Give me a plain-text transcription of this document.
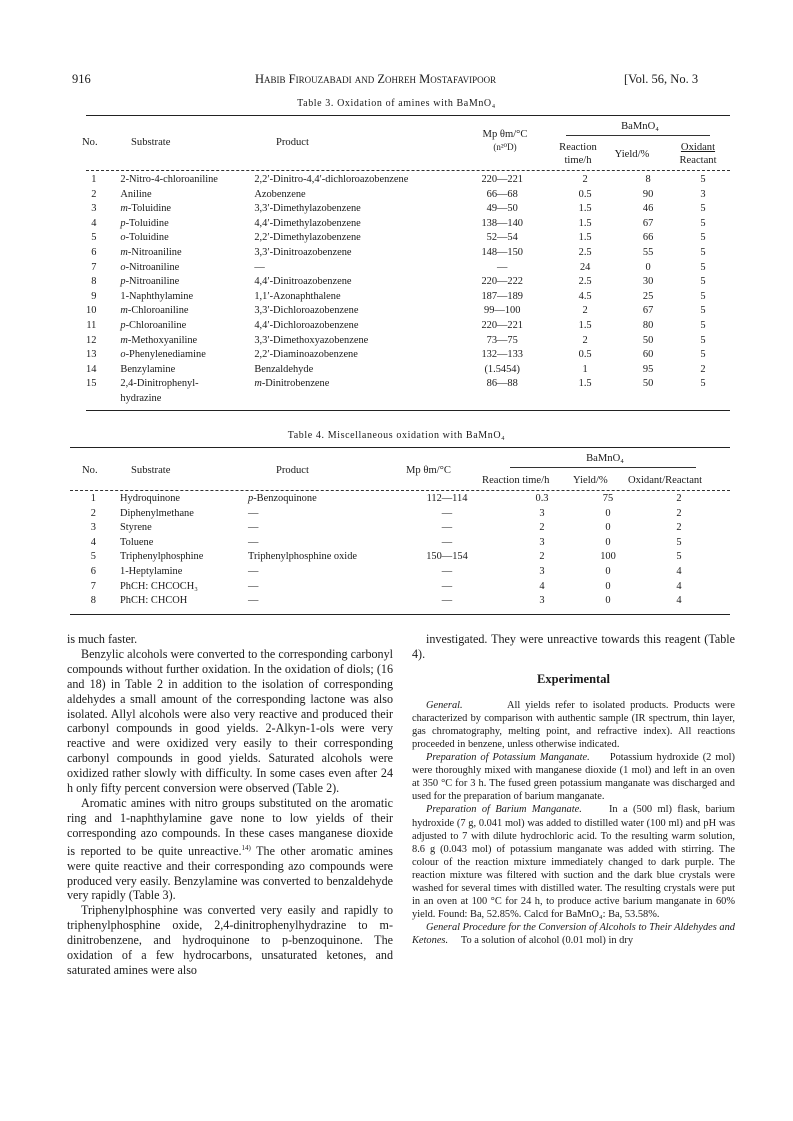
916	Habib Firouzabadi and Zohreh Mostafavipoor	[Vol. 56, No. 3
Table 3. Oxidation of amines with BaMnO₄
No.	Substrate	Product
Mp θm/°C
(n²⁰D)
BaMnO₄
Reaction
time/h
Yield/%
Oxidant
Reactant
1	2-Nitro-4-chloroaniline	2,2′-Dinitro-4,4′-dichloroazobenzene	220—221	2	8	5
2	Aniline	Azobenzene	66—68	0.5	90	3
3	m-Toluidine	3,3′-Dimethylazobenzene	49—50	1.5	46	5
4	p-Toluidine	4,4′-Dimethylazobenzene	138—140	1.5	67	5
5	o-Toluidine	2,2′-Dimethylazobenzene	52—54	1.5	66	5
6	m-Nitroaniline	3,3′-Dinitroazobenzene	148—150	2.5	55	5
7	o-Nitroaniline	—	—	24	0	5
8	p-Nitroaniline	4,4′-Dinitroazobenzene	220—222	2.5	30	5
9	1-Naphthylamine	1,1′-Azonaphthalene	187—189	4.5	25	5
10	m-Chloroaniline	3,3′-Dichloroazobenzene	99—100	2	67	5
11	p-Chloroaniline	4,4′-Dichloroazobenzene	220—221	1.5	80	5
12	m-Methoxyaniline	3,3′-Dimethoxyazobenzene	73—75	2	50	5
13	o-Phenylenediamine	2,2′-Diaminoazobenzene	132—133	0.5	60	5
14	Benzylamine	Benzaldehyde	(1.5454)	1	95	2
15	2,4-Dinitrophenyl-	m-Dinitrobenzene	86—88	1.5	50	5
	hydrazine					
Table 4. Miscellaneous oxidation with BaMnO₄
No.	Substrate	Product	Mp θm/°C
BaMnO₄
Reaction time/h Yield/% Oxidant/Reactant
1	Hydroquinone	p-Benzoquinone	112—114	0.3	75	2
2	Diphenylmethane	—	—	3	0	2
3	Styrene	—	—	2	0	2
4	Toluene	—	—	3	0	5
5	Triphenylphosphine	Triphenylphosphine oxide	150—154	2	100	5
6	1-Heptylamine	—	—	3	0	4
7	PhCH: CHCOCH₃	—	—	4	0	4
8	PhCH: CHCOH	—	—	3	0	4

is much faster.

Benzylic alcohols were converted to the corresponding carbonyl compounds without further oxidation. In the oxidation of diols; (16 and 18) in Table 2 in addition to the isolation of corresponding aldehydes a small amount of the corresponding lactone was also isolated. Allyl alcohols were also very reactive and produced their carbonyl compounds in good yields. 2-Alkyn-1-ols were very reactive and were oxidized very easily to their corresponding carbonyl compounds in good yields. Saturated alcohols were oxidized rather slowly with difficulty. In some cases even after 24 h only fifty percent conversion were observed (Table 2).

Aromatic amines with nitro groups substituted on the aromatic ring and 1-naphthylamine gave none to low yields of their corresponding azo compounds. In these cases manganese dioxide is reported to be quite unreactive.$^{14)}$ The other aromatic amines were quite reactive and their corresponding azo compounds were produced very easily. Benzylamine was converted to benzaldehyde very rapidly (Table 3).

Triphenylphosphine was converted very easily and rapidly to triphenylphosphine oxide, 2,4-dinitrophenylhydrazine to m-dinitrobenzene, and hydroquinone to p-benzoquinone. The oxidation of a few hydrocarbons, unsaturated ketones, and saturated amines were also

investigated. They were unreactive towards this reagent (Table 4).

Experimental

General.	All yields refer to isolated products. Products were characterized by comparison with authentic sample (IR spectrum, thin layer, gas chromatography, melting point, and refractive index). All reactions proceeded in benzene, unless otherwise indicated.

Preparation of Potassium Manganate. Potassium hydroxide (2 mol) were thoroughly mixed with manganese dioxide (1 mol) and left in an oven at 350 °C for 3 h. The fused green potassium manganate was discharged and used for the preparation of barium manganate.

Preparation of Barium Manganate.	In a (500 ml) flask, barium hydroxide (7 g, 0.041 mol) was added to distilled water (100 ml) and pH was adjusted to 7 with dilute hydrochloric acid. To the resulting warm solution, 8.6 g (0.043 mol) of potassium manganate was added with stirring. The colour of the reaction mixture immediately changed to dark purple. The reaction mixture was filtered with suction and the dark blue crystals were washed for several times with distilled water. The resulting crystals were put in an oven at 100 °C for 24 h, to produce active barium manganate in 60% yield. Found: Ba, 52.85%. Calcd for BaMnO₄: Ba, 53.58%.

General Procedure for the Conversion of Alcohols to Their Aldehydes and Ketones. To a solution of alcohol (0.01 mol) in dry
